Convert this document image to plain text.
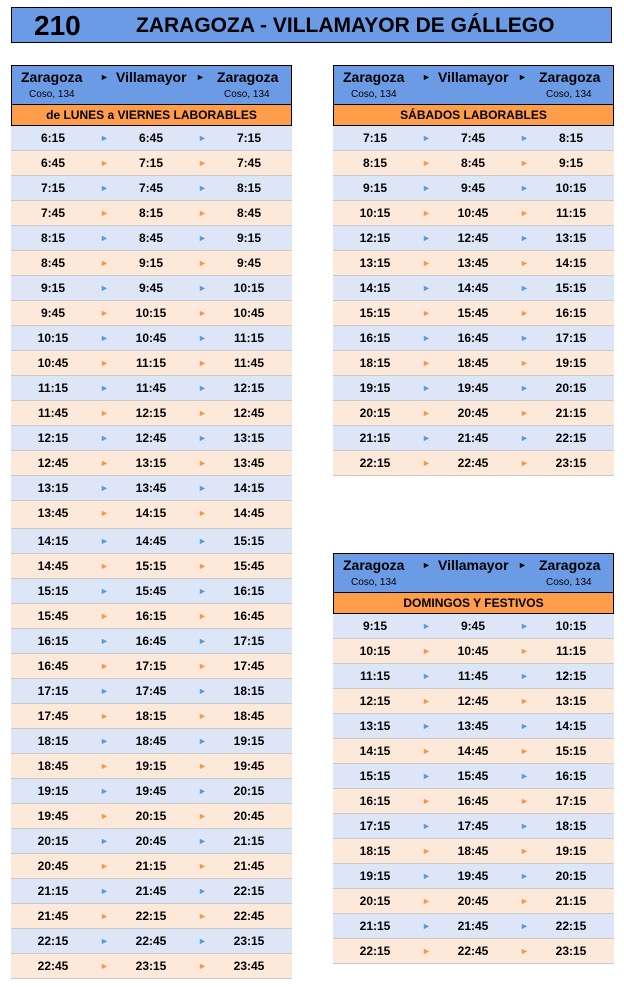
210	ZARAGOZA - VILLAMAYOR DE GÁLLEGO
Zaragoza ► Villamayor ► Zaragoza
Coso, 134	Coso, 134
de LUNES a VIERNES LABORABLES
6:15	►	6:45	►	7:15
6:45	►	7:15	►	7:45
7:15	►	7:45	►	8:15
7:45	►	8:15	►	8:45
8:15	►	8:45	►	9:15
8:45	►	9:15	►	9:45
9:15	►	9:45	►	10:15
9:45	►	10:15	►	10:45
10:15	►	10:45	►	11:15
10:45	►	11:15	►	11:45
11:15	►	11:45	►	12:15
11:45	►	12:15	►	12:45
12:15	►	12:45	►	13:15
12:45	►	13:15	►	13:45
13:15	►	13:45	►	14:15
13:45	►	14:15	►	14:45
14:15	►	14:45	►	15:15
14:45	►	15:15	►	15:45
15:15	►	15:45	►	16:15
15:45	►	16:15	►	16:45
16:15	►	16:45	►	17:15
16:45	►	17:15	►	17:45
17:15	►	17:45	►	18:15
17:45	►	18:15	►	18:45
18:15	►	18:45	►	19:15
18:45	►	19:15	►	19:45
19:15	►	19:45	►	20:15
19:45	►	20:15	►	20:45
20:15	►	20:45	►	21:15
20:45	►	21:15	►	21:45
21:15	►	21:45	►	22:15
21:45	►	22:15	►	22:45
22:15	►	22:45	►	23:15
22:45	►	23:15	►	23:45
Zaragoza ► Villamayor ► Zaragoza
Coso, 134	Coso, 134
SÁBADOS LABORABLES
7:15	►	7:45	►	8:15
8:15	►	8:45	►	9:15
9:15	►	9:45	►	10:15
10:15	►	10:45	►	11:15
12:15	►	12:45	►	13:15
13:15	►	13:45	►	14:15
14:15	►	14:45	►	15:15
15:15	►	15:45	►	16:15
16:15	►	16:45	►	17:15
18:15	►	18:45	►	19:15
19:15	►	19:45	►	20:15
20:15	►	20:45	►	21:15
21:15	►	21:45	►	22:15
22:15	►	22:45	►	23:15
Zaragoza ► Villamayor ► Zaragoza
Coso, 134	Coso, 134
DOMINGOS Y FESTIVOS
9:15	►	9:45	►	10:15
10:15	►	10:45	►	11:15
11:15	►	11:45	►	12:15
12:15	►	12:45	►	13:15
13:15	►	13:45	►	14:15
14:15	►	14:45	►	15:15
15:15	►	15:45	►	16:15
16:15	►	16:45	►	17:15
17:15	►	17:45	►	18:15
18:15	►	18:45	►	19:15
19:15	►	19:45	►	20:15
20:15	►	20:45	►	21:15
21:15	►	21:45	►	22:15
22:15	►	22:45	►	23:15
